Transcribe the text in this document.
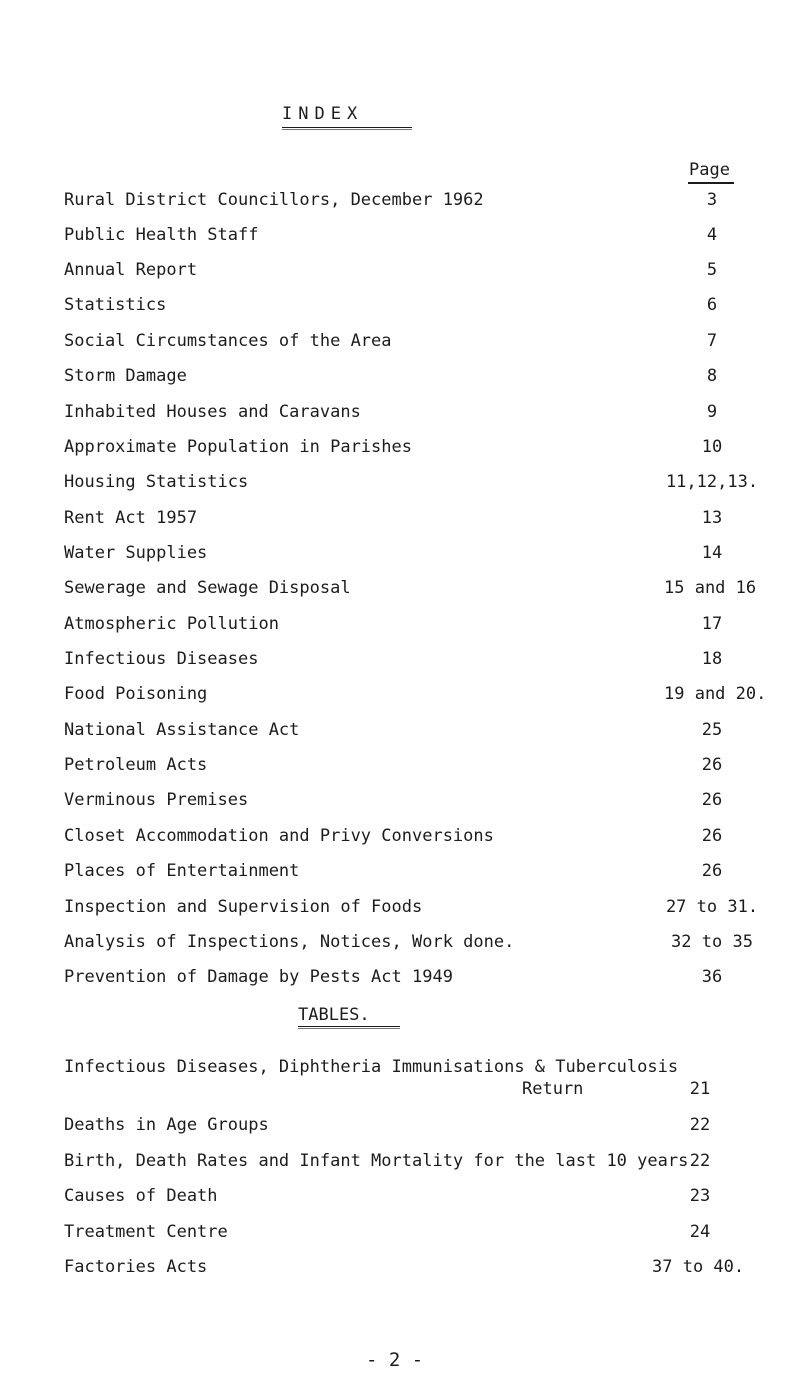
INDEX
Page
Rural District Councillors, December 1962	3
Public Health Staff	4
Annual Report	5
Statistics	6
Social Circumstances of the Area	7
Storm Damage	8
Inhabited Houses and Caravans	9
Approximate Population in Parishes	10
Housing Statistics	11,12,13.
Rent Act 1957	13
Water Supplies	14
Sewerage and Sewage Disposal	15 and 16
Atmospheric Pollution	17
Infectious Diseases	18
Food Poisoning	19 and 20.
National Assistance Act	25
Petroleum Acts	26
Verminous Premises	26
Closet Accommodation and Privy Conversions	26
Places of Entertainment	26
Inspection and Supervision of Foods	27 to 31.
Analysis of Inspections, Notices, Work done.	32 to 35
Prevention of Damage by Pests Act 1949	36
TABLES.
Infectious Diseases, Diphtheria Immunisations & Tuberculosis
Return	21
Deaths in Age Groups	22
Birth, Death Rates and Infant Mortality for the last 10 years 22
Causes of Death	23
Treatment Centre	24
Factories Acts	37 to 40.
- 2 -
